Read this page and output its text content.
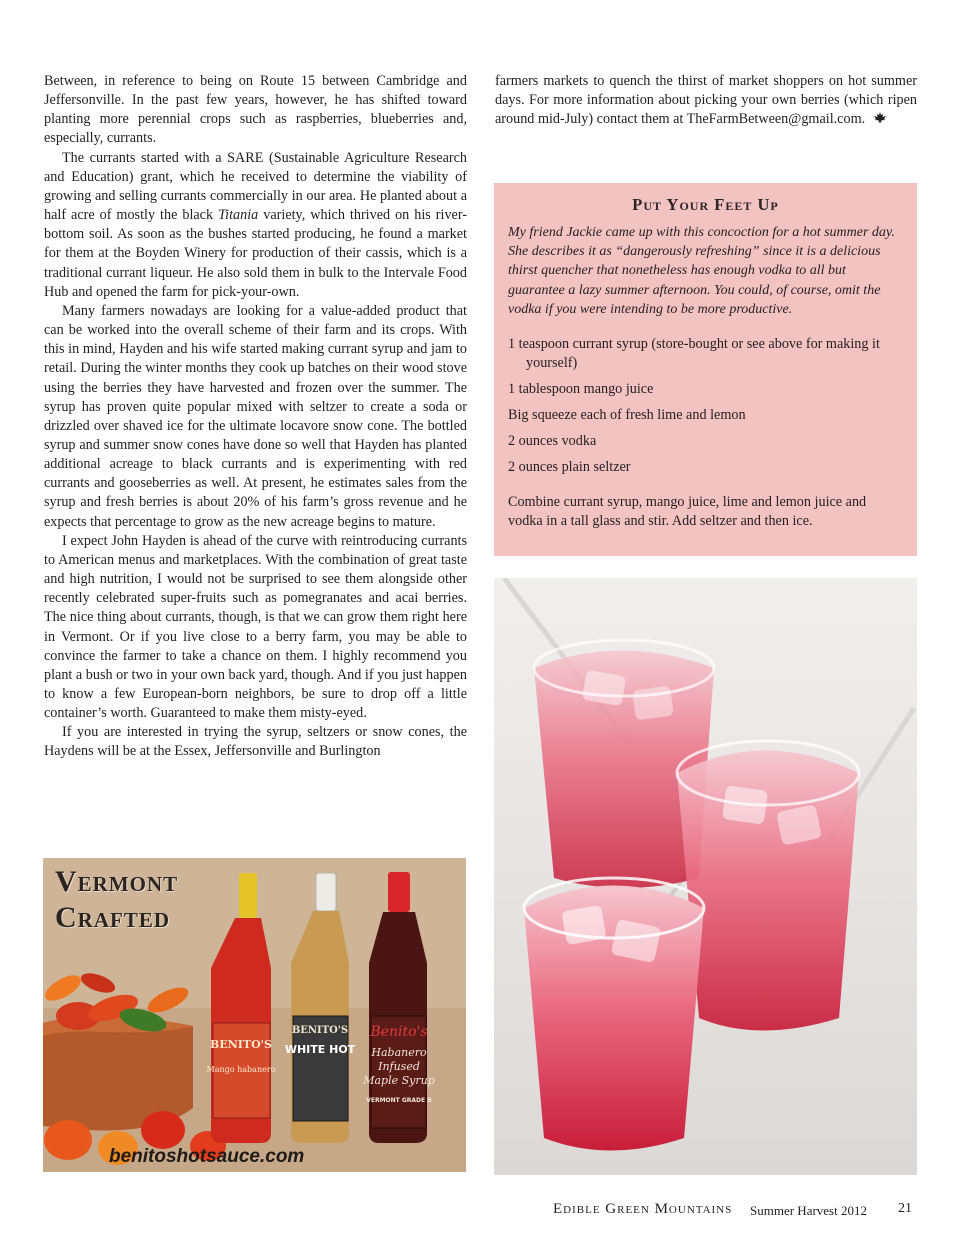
Between, in reference to being on Route 15 between Cambridge and Jeffersonville. In the past few years, however, he has shifted toward planting more perennial crops such as raspberries, blueberries and, especially, currants.

The currants started with a SARE (Sustainable Agriculture Research and Education) grant, which he received to determine the viability of growing and selling currants commercially in our area. He planted about a half acre of mostly the black Titania variety, which thrived on his river-bottom soil. As soon as the bushes started producing, he found a market for them at the Boyden Winery for production of their cassis, which is a traditional currant liqueur. He also sold them in bulk to the Intervale Food Hub and opened the farm for pick-your-own.

Many farmers nowadays are looking for a value-added product that can be worked into the overall scheme of their farm and its crops. With this in mind, Hayden and his wife started making currant syrup and jam to retail. During the winter months they cook up batches on their wood stove using the berries they have harvested and frozen over the summer. The syrup has proven quite popular mixed with seltzer to create a soda or drizzled over shaved ice for the ultimate locavore snow cone. The bottled syrup and summer snow cones have done so well that Hayden has planted additional acreage to black currants and is experimenting with red currants and gooseberries as well. At present, he estimates sales from the syrup and fresh berries is about 20% of his farm’s gross revenue and he expects that percentage to grow as the new acreage begins to mature.

I expect John Hayden is ahead of the curve with reintroducing currants to American menus and marketplaces. With the combination of great taste and high nutrition, I would not be surprised to see them alongside other recently celebrated super-fruits such as pomegranates and acai berries. The nice thing about currants, though, is that we can grow them right here in Vermont. Or if you live close to a berry farm, you may be able to convince the farmer to take a chance on them. I highly recommend you plant a bush or two in your own back yard, though. And if you just happen to know a few European-born neighbors, be sure to drop off a little container’s worth. Guaranteed to make them misty-eyed.

If you are interested in trying the syrup, seltzers or snow cones, the Haydens will be at the Essex, Jeffersonville and Burlington

farmers markets to quench the thirst of market shoppers on hot summer days. For more information about picking your own berries (which ripen around mid-July) contact them at TheFarmBetween@gmail.com.

Put Your Feet Up

My friend Jackie came up with this concoction for a hot summer day. She describes it as “dangerously refreshing” since it is a delicious thirst quencher that nonetheless has enough vodka to all but guarantee a lazy summer afternoon. You could, of course, omit the vodka if you were intending to be more productive.

1 teaspoon currant syrup (store-bought or see above for making it yourself)
1 tablespoon mango juice
Big squeeze each of fresh lime and lemon
2 ounces vodka
2 ounces plain seltzer

Combine currant syrup, mango juice, lime and lemon juice and vodka in a tall glass and stir. Add seltzer and then ice.

BENITO'S
Mango habanero
BENITO'S
WHITE HOT
Benito's
Habanero
Infused
Maple Syrup
VERMONT GRADE B
Vermont
Crafted
benitoshotsauce.com
Edible Green Mountains Summer Harvest 2012 21
